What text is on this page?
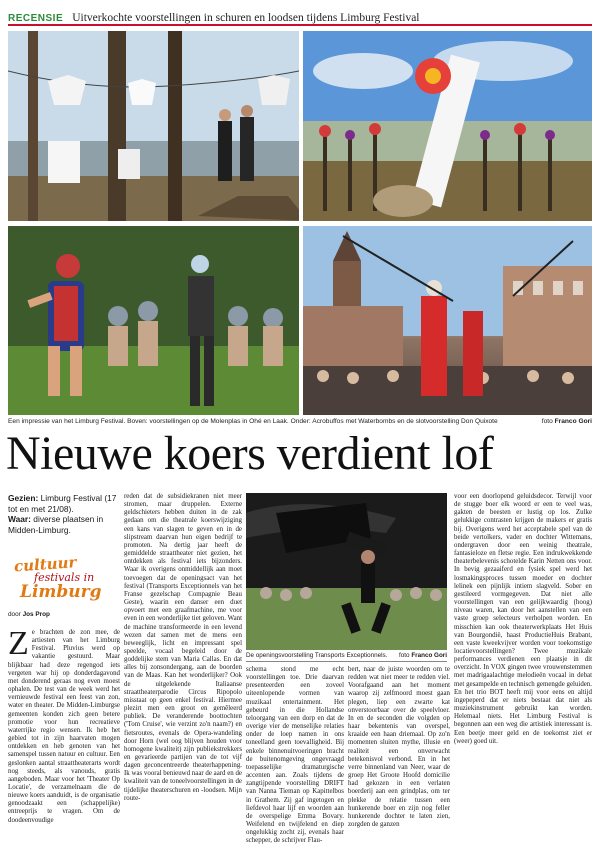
RECENSIE Uitverkochte voorstellingen in schuren en loodsen tijdens Limburg Festival
Een impressie van het Limburg Festival. Boven: voorstellingen op de Molenplas in Ohé en Laak. Onder: Acrobuffos met Waterbombs en de slotvoorstelling Don Quixote	foto Franco Gori
Nieuwe koers verdient lof
Gezien: Limburg Festival (17 tot en met 21/08).
Waar: diverse plaatsen in Midden-Limburg.
cultuur
festivals in
Limburg
door Jos Prop
Ze brachten de zon mee, de artiesten van het Limburg Festival. Pluvius werd op vakantie gestuurd. Maar blijkbaar had deze regengod iets vergeten war hij op donderdagavond met donderend geraas nog even moest ophalen. De test van de week werd het vernieuwde festival een feest van zon, water en theater. De Midden-Limburgse gemeenten konden zich geen betere promotie voor hun recreatieve waterrijke regio wensen. Ik heb het gebied tot in zijn haarvaten mogen ontdekken en heb genoten van het samenspel tussen natuur en cultuur. Een geslonken aantal straattheaterarts wordt nog steeds, als vanouds, gratis aangeboden. Maar voor het 'Theater Op Locatie', de verzamelnaam die de nieuwe koers aanduidt, is de organisatie genoodzaakt een (schappelijke) entreeprijs te vragen. Om de doodeenvoudige
reden dat de subsidiekranen niet meer stromen, maar druppelen. Externe geldschieters hebben duiten in de zak gedaan om die theatrale koerswijziging een kans van slagen te geven en in de slipstream daarvan hun eigen bedrijf te promoten. Na dertig jaar heeft de gemiddelde straattheater niet gezien, het ontdekken als festival iets bijzonders. Waar ik overigens onmiddellijk aan moet toevoegen dat de openingsact van het festival (Transports Exceptionnels van het Franse gezelschap Compagnie Beau Geste), waarin een danser een duet opvoert met een graafmachine, me voor even in een wonderlijke tiet geloven. Want de machine transformeerde in een levend wezen dat samen met de mens een beweeglijk, licht en impressant spel speelde, vocaal begeleid door de goddelijke stem van Maria Callas. En dat alles bij zonsondergang, aan de boorden van de Maas. Kan het wonderlijker? Ook de uitgelekende Italiaanse straattheaterparodie Circus Ripopolo misstaat op geen enkel festival. Hiermee plezirt men een groot en gemêleerd publiek. De veranderende boottochten ('Tom Cruise', wie verzint zo'n naam?) en fietsroutes, evenals de Opera-wandeling door Horn (wel oog blijven houden voor homogene kwaliteit) zijn publiekstrekkers en gevarieerde partijen van de tot vijf dagen geconcentreerde theaterhappening. Ik was vooral benieuwd naar de aard en de kwaliteit van de toneelvoorstellingen in de tijdelijke theaterschuren en -loodsen. Mijn route-
De openingsvoorstelling Transports Exceptionnels. foto Franco Gori
schema stond me echt voorstellingen toe. Drie daarvan presenteerden een zoveel uiteenlopende vormen van muzikaal entertainment. Het gebeurd in die Hollandse teloorgang van een dorp en dat de overige vier de menselijke relaties onder de loep namen in ons toneelland geen toevalligheid. Bij enkele binnenuitvoeringen bracht de buitenomgeving ongevraagd toepasselijke dramaturgische accenten aan. Zoals tijdens de zangtijpende voorstelling DRIFT van Nanna Tieman op Kapittelbos in Grathem. Zij gaf ingetogen en liefdevol haar lijf en woorden aan de overspelige Emma Bovary. Weifelend en twijfelend en diep ongelukkig zocht zij, evenals haar schepper, de schrijver Flau-
bert, naar de juiste woorden om te redden wat niet meer te redden viel. Voorafgaand aan het moment waarop zij zelfmoord moest gaan plegen, liep een zwarte kat onverstoorbaar over de speelvloer. In en de seconden die volgden op haar bekentenis van overspel, kraaide een haan driemaal. Op zo'n momenten sluiten mythe, illusie en realiteit een onverwacht betekenisvol verbond. En in het verre binnenland van Neer, waar de groep Het Groote Hoofd domicilie had gekozen in een verlaten boerderij aan een grindplas, om ter plekke de relatie tussen een hunkerende boer en zijn nog feller hunkerende dochter te laten zien, zorgden de ganzen
voor een doorlopend geluidsdecor. Terwijl voor de stugge boer elk woord er een te veel was, gakten de beesten er lustig op los. Zulke gelukkige contrasten krijgen de makers er gratis bij. Overigens werd het acceptabele spel van de beide vertolkers, vader en dochter Wittemans, ondergraven door een weinig theatrale, fantasieloze en fletse regie. Een indrukwekkende theaterbelevenis schotelde Karin Netten ons voor. In bevig gezaaiferd en fysiek spel werd het losmakingsproces tussen moeder en dochter lelinek een pijnlijk intiem slagveld. Sober en gestileerd vormgegeven. Dat niet alle voorstellingen van een gelijkwaardig (hoog) niveau waren, kan door het aanstellen van een vaste groep selecteurs verholpen worden. En misschien kan ook theaterwerkplaats Het Huis van Bourgondië, haast ProductieHuis Brabant, een vaste kweekvijver worden voor toekomstige locatievoorstellingen? Twee muzikale performances verdienen een plaatsje in dit overzicht. In VOX gingen twee vrouwenstemmen met madrigaalachtige melodieën vocaal in debat met gesampelde en technisch gemengde geluiden. En het trio BOT heeft mij voor eens en altijd ingepeperd dat er niets bestaat dat niet als muziekinstrument gebruikt kan worden. Helemaal niets. Het Limburg Festival is begonnen aan een weg die artistiek interessant is. Een beetje meer geld en de toekomst ziet er (weer) goed uit.
